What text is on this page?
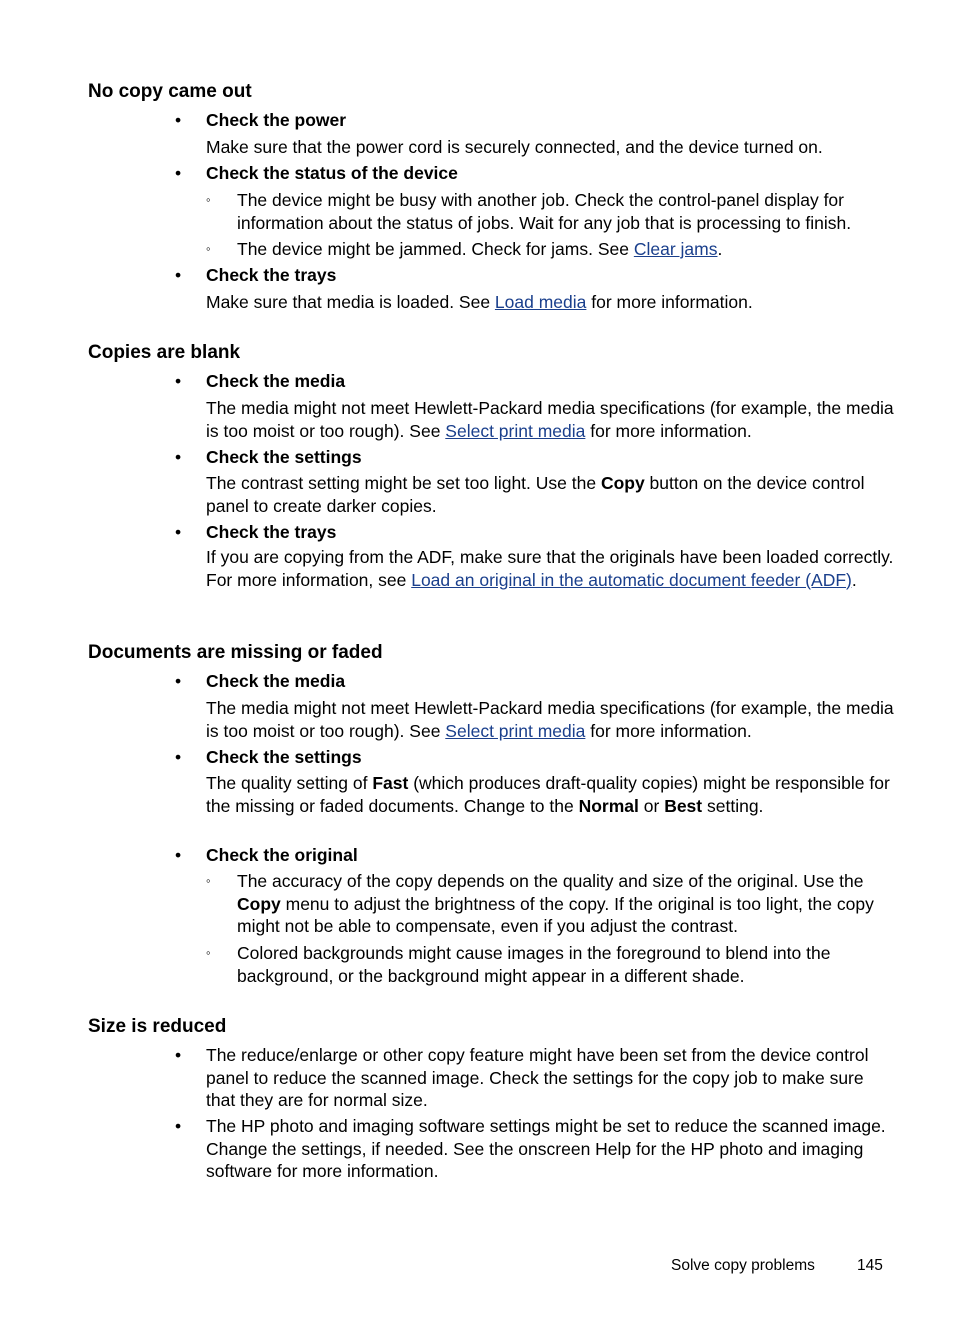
No copy came out
• Check the power
Make sure that the power cord is securely connected, and the device turned on.
• Check the status of the device
◦ The device might be busy with another job. Check the control-panel display for information about the status of jobs. Wait for any job that is processing to finish.
◦ The device might be jammed. Check for jams. See Clear jams.
• Check the trays
Make sure that media is loaded. See Load media for more information.
Copies are blank
• Check the media
The media might not meet Hewlett-Packard media specifications (for example, the media is too moist or too rough). See Select print media for more information.
• Check the settings
The contrast setting might be set too light. Use the Copy button on the device control panel to create darker copies.
• Check the trays
If you are copying from the ADF, make sure that the originals have been loaded correctly. For more information, see Load an original in the automatic document feeder (ADF).
Documents are missing or faded
• Check the media
The media might not meet Hewlett-Packard media specifications (for example, the media is too moist or too rough). See Select print media for more information.
• Check the settings
The quality setting of Fast (which produces draft-quality copies) might be responsible for the missing or faded documents. Change to the Normal or Best setting.
• Check the original
◦ The accuracy of the copy depends on the quality and size of the original. Use the Copy menu to adjust the brightness of the copy. If the original is too light, the copy might not be able to compensate, even if you adjust the contrast.
◦ Colored backgrounds might cause images in the foreground to blend into the background, or the background might appear in a different shade.
Size is reduced
• The reduce/enlarge or other copy feature might have been set from the device control panel to reduce the scanned image. Check the settings for the copy job to make sure that they are for normal size.
• The HP photo and imaging software settings might be set to reduce the scanned image. Change the settings, if needed. See the onscreen Help for the HP photo and imaging software for more information.
Solve copy problems	145
